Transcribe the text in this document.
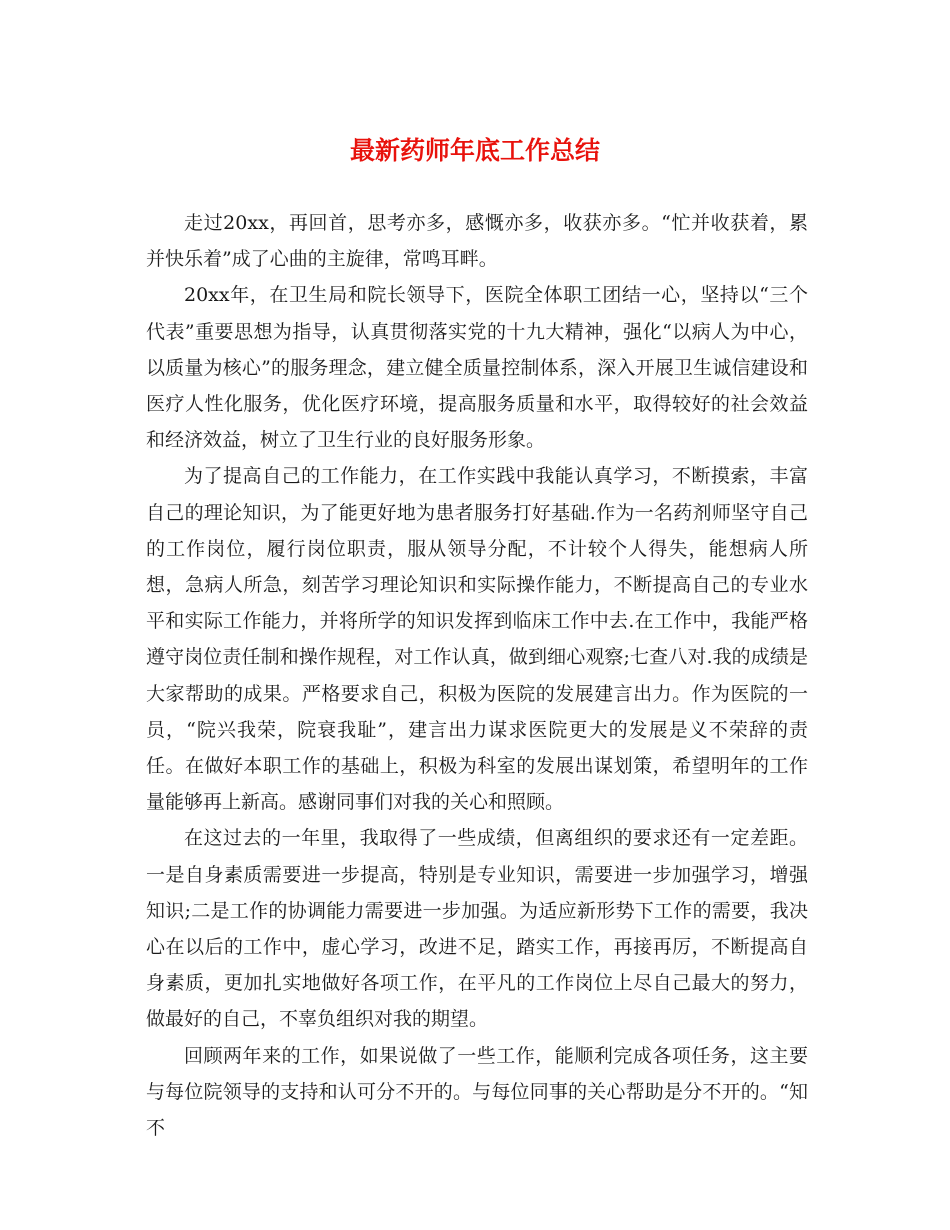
最新药师年底工作总结

走过20xx，再回首，思考亦多，感慨亦多，收获亦多。“忙并收获着，累并快乐着”成了心曲的主旋律，常鸣耳畔。

20xx年，在卫生局和院长领导下，医院全体职工团结一心，坚持以“三个代表”重要思想为指导，认真贯彻落实党的十九大精神，强化“以病人为中心，以质量为核心”的服务理念，建立健全质量控制体系，深入开展卫生诚信建设和医疗人性化服务，优化医疗环境，提高服务质量和水平，取得较好的社会效益和经济效益，树立了卫生行业的良好服务形象。

为了提高自己的工作能力，在工作实践中我能认真学习，不断摸索，丰富自己的理论知识，为了能更好地为患者服务打好基础.作为一名药剂师坚守自己的工作岗位，履行岗位职责，服从领导分配，不计较个人得失，能想病人所想，急病人所急，刻苦学习理论知识和实际操作能力，不断提高自己的专业水平和实际工作能力，并将所学的知识发挥到临床工作中去.在工作中，我能严格遵守岗位责任制和操作规程，对工作认真，做到细心观察;七查八对.我的成绩是大家帮助的成果。严格要求自己，积极为医院的发展建言出力。作为医院的一员，“院兴我荣，院衰我耻”，建言出力谋求医院更大的发展是义不荣辞的责任。在做好本职工作的基础上，积极为科室的发展出谋划策，希望明年的工作量能够再上新高。感谢同事们对我的关心和照顾。

在这过去的一年里，我取得了一些成绩，但离组织的要求还有一定差距。一是自身素质需要进一步提高，特别是专业知识，需要进一步加强学习，增强知识;二是工作的协调能力需要进一步加强。为适应新形势下工作的需要，我决心在以后的工作中，虚心学习，改进不足，踏实工作，再接再厉，不断提高自身素质，更加扎实地做好各项工作，在平凡的工作岗位上尽自己最大的努力，做最好的自己，不辜负组织对我的期望。

回顾两年来的工作，如果说做了一些工作，能顺利完成各项任务，这主要与每位院领导的支持和认可分不开的。与每位同事的关心帮助是分不开的。“知不
